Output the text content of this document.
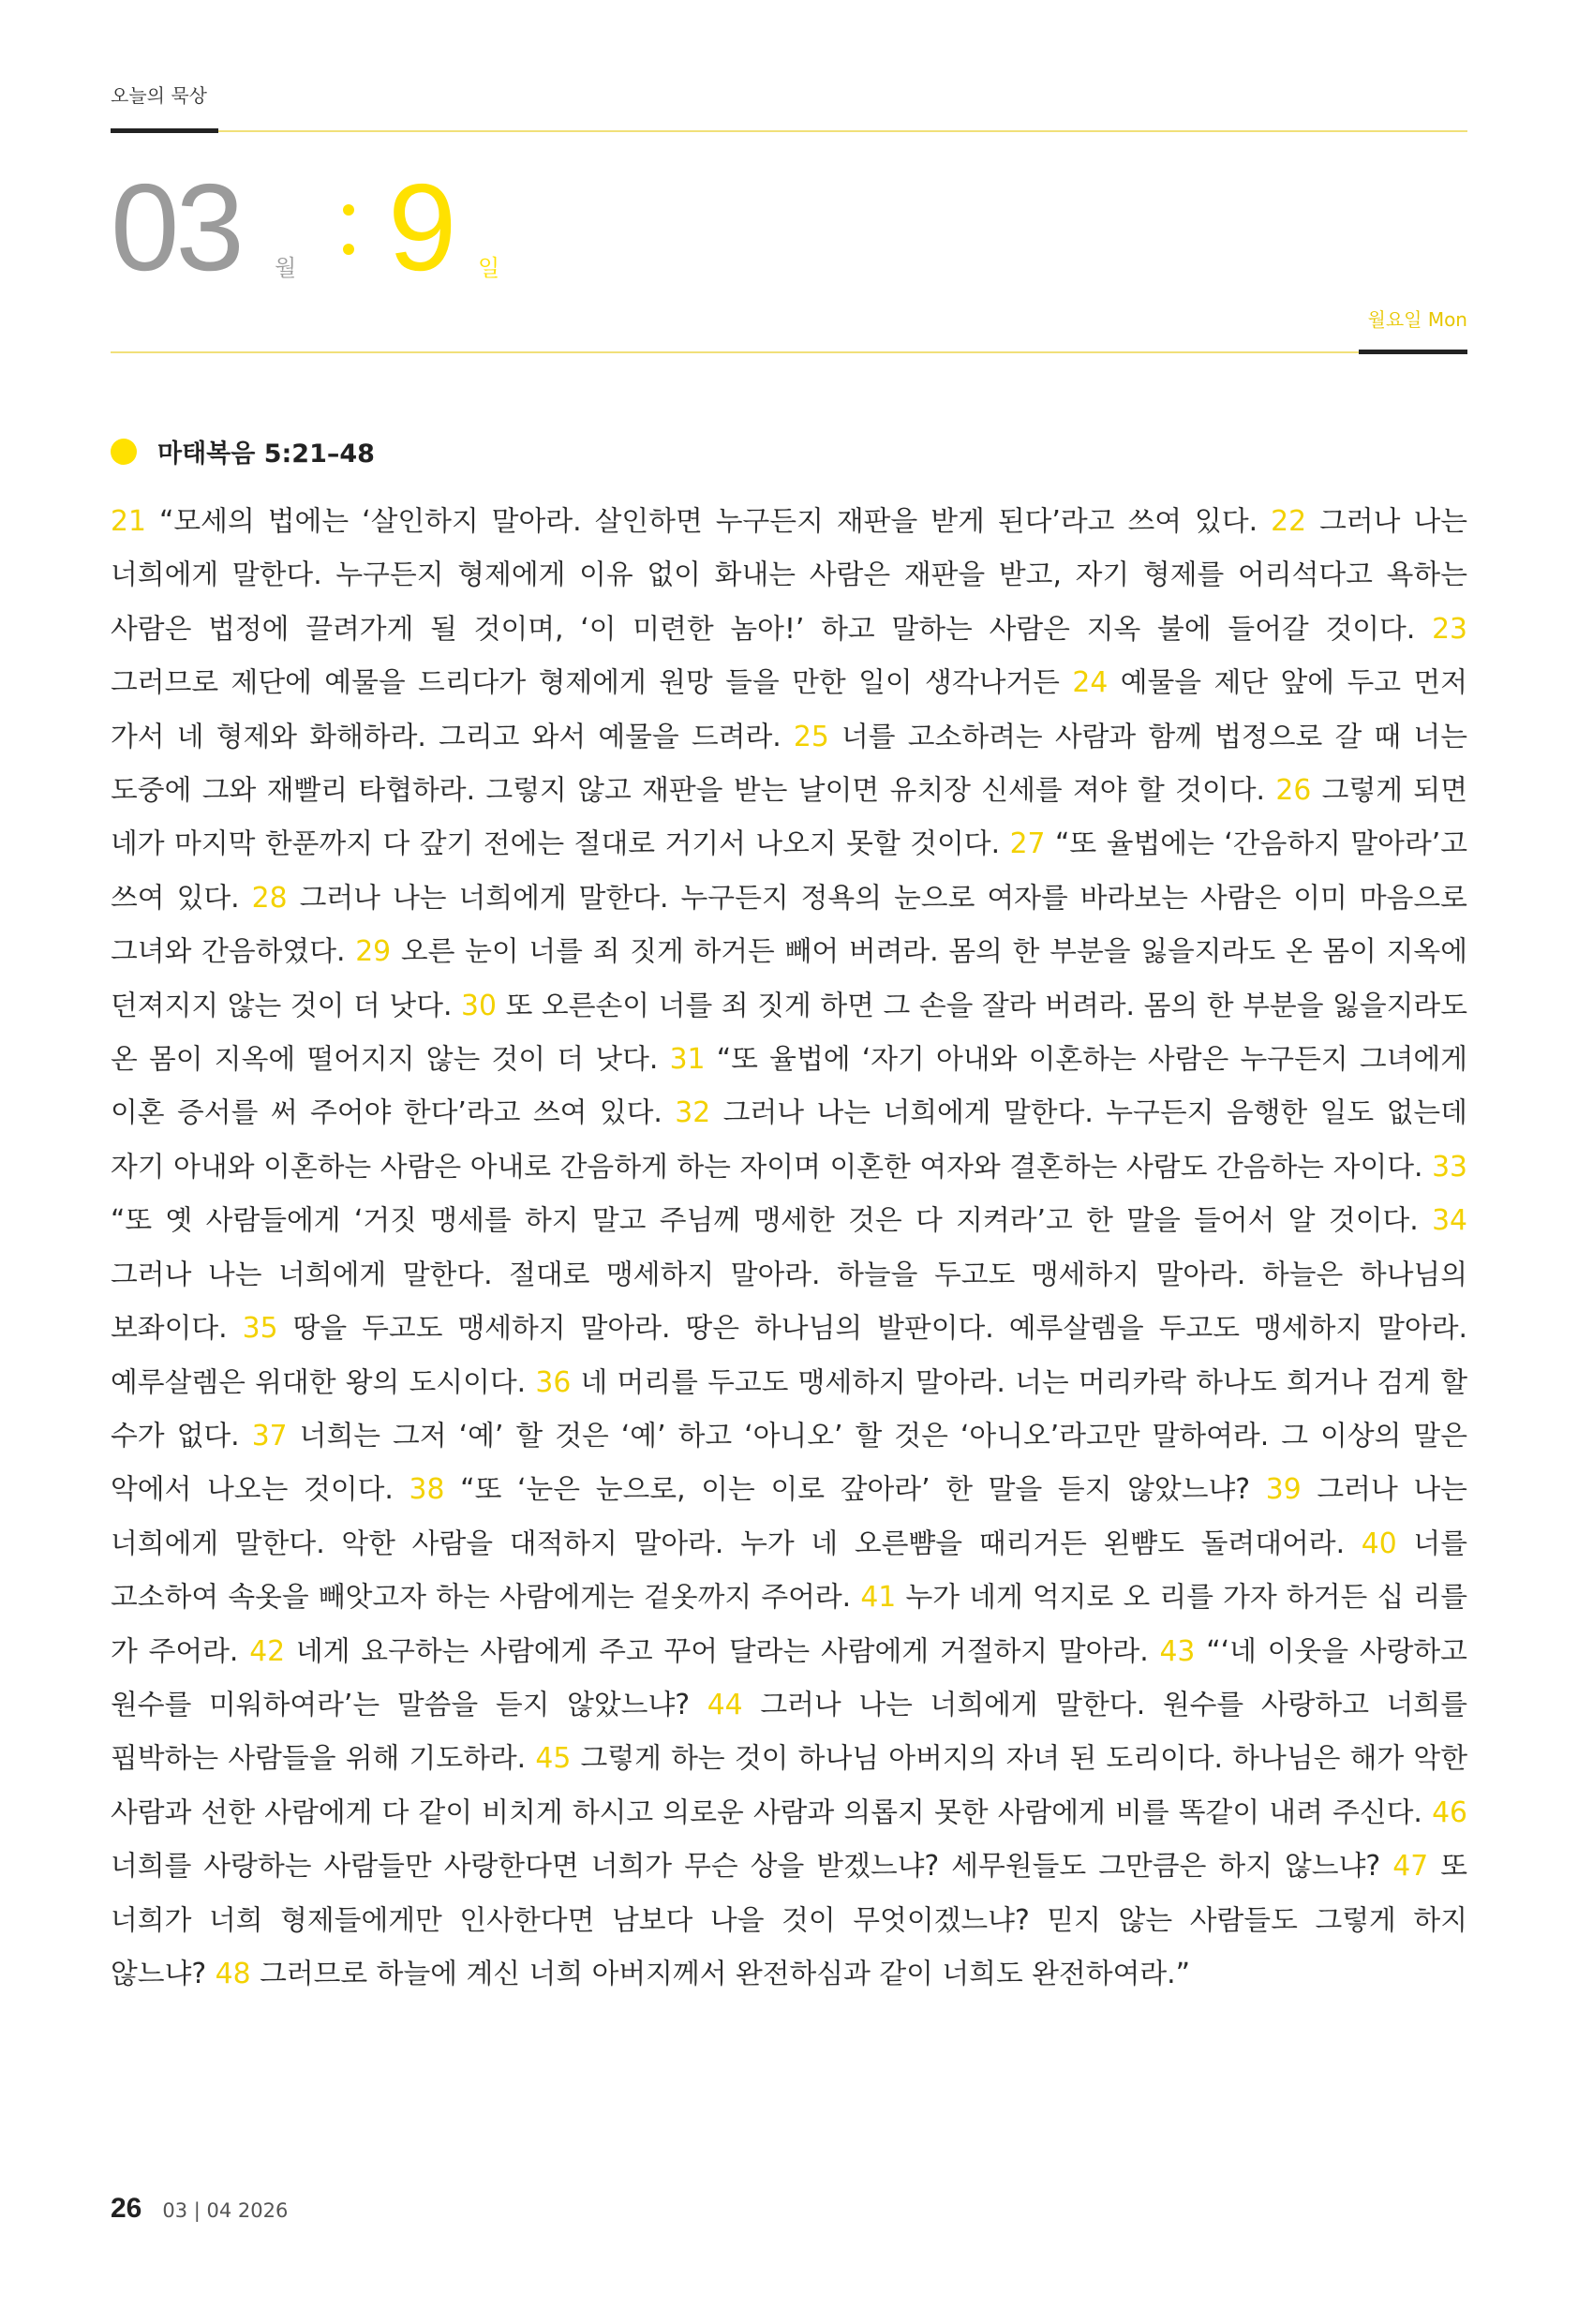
오늘의 묵상
03 월 9 일
월요일 Mon
마태복음 5:21–48

21 “모세의 법에는 ‘살인하지 말아라. 살인하면 누구든지 재판을 받게 된다’라고 쓰여 있다. 22 그러나 나는 너희에게 말한다. 누구든지 형제에게 이유 없이 화내는 사람은 재판을 받고, 자기 형제를 어리석다고 욕하는 사람은 법정에 끌려가게 될 것이며, ‘이 미련한 놈아!’ 하고 말하는 사람은 지옥 불에 들어갈 것이다. 23 그러므로 제단에 예물을 드리다가 형제에게 원망 들을 만한 일이 생각나거든 24 예물을 제단 앞에 두고 먼저 가서 네 형제와 화해하라. 그리고 와서 예물을 드려라. 25 너를 고소하려는 사람과 함께 법정으로 갈 때 너는 도중에 그와 재빨리 타협하라. 그렇지 않고 재판을 받는 날이면 유치장 신세를 져야 할 것이다. 26 그렇게 되면 네가 마지막 한푼까지 다 갚기 전에는 절대로 거기서 나오지 못할 것이다. 27 “또 율법에는 ‘간음하지 말아라’고 쓰여 있다. 28 그러나 나는 너희에게 말한다. 누구든지 정욕의 눈으로 여자를 바라보는 사람은 이미 마음으로 그녀와 간음하였다. 29 오른 눈이 너를 죄 짓게 하거든 빼어 버려라. 몸의 한 부분을 잃을지라도 온 몸이 지옥에 던져지지 않는 것이 더 낫다. 30 또 오른손이 너를 죄 짓게 하면 그 손을 잘라 버려라. 몸의 한 부분을 잃을지라도 온 몸이 지옥에 떨어지지 않는 것이 더 낫다. 31 “또 율법에 ‘자기 아내와 이혼하는 사람은 누구든지 그녀에게 이혼 증서를 써 주어야 한다’라고 쓰여 있다. 32 그러나 나는 너희에게 말한다. 누구든지 음행한 일도 없는데 자기 아내와 이혼하는 사람은 아내로 간음하게 하는 자이며 이혼한 여자와 결혼하는 사람도 간음하는 자이다. 33 “또 옛 사람들에게 ‘거짓 맹세를 하지 말고 주님께 맹세한 것은 다 지켜라’고 한 말을 들어서 알 것이다. 34 그러나 나는 너희에게 말한다. 절대로 맹세하지 말아라. 하늘을 두고도 맹세하지 말아라. 하늘은 하나님의 보좌이다. 35 땅을 두고도 맹세하지 말아라. 땅은 하나님의 발판이다. 예루살렘을 두고도 맹세하지 말아라. 예루살렘은 위대한 왕의 도시이다. 36 네 머리를 두고도 맹세하지 말아라. 너는 머리카락 하나도 희거나 검게 할 수가 없다. 37 너희는 그저 ‘예’ 할 것은 ‘예’ 하고 ‘아니오’ 할 것은 ‘아니오’라고만 말하여라. 그 이상의 말은 악에서 나오는 것이다. 38 “또 ‘눈은 눈으로, 이는 이로 갚아라’ 한 말을 듣지 않았느냐? 39 그러나 나는 너희에게 말한다. 악한 사람을 대적하지 말아라. 누가 네 오른뺨을 때리거든 왼뺨도 돌려대어라. 40 너를 고소하여 속옷을 빼앗고자 하는 사람에게는 겉옷까지 주어라. 41 누가 네게 억지로 오 리를 가자 하거든 십 리를 가 주어라. 42 네게 요구하는 사람에게 주고 꾸어 달라는 사람에게 거절하지 말아라. 43 “‘네 이웃을 사랑하고 원수를 미워하여라’는 말씀을 듣지 않았느냐? 44 그러나 나는 너희에게 말한다. 원수를 사랑하고 너희를 핍박하는 사람들을 위해 기도하라. 45 그렇게 하는 것이 하나님 아버지의 자녀 된 도리이다. 하나님은 해가 악한 사람과 선한 사람에게 다 같이 비치게 하시고 의로운 사람과 의롭지 못한 사람에게 비를 똑같이 내려 주신다. 46 너희를 사랑하는 사람들만 사랑한다면 너희가 무슨 상을 받겠느냐? 세무원들도 그만큼은 하지 않느냐? 47 또 너희가 너희 형제들에게만 인사한다면 남보다 나을 것이 무엇이겠느냐? 믿지 않는 사람들도 그렇게 하지 않느냐? 48 그러므로 하늘에 계신 너희 아버지께서 완전하심과 같이 너희도 완전하여라.”

26 03 | 04 2026
